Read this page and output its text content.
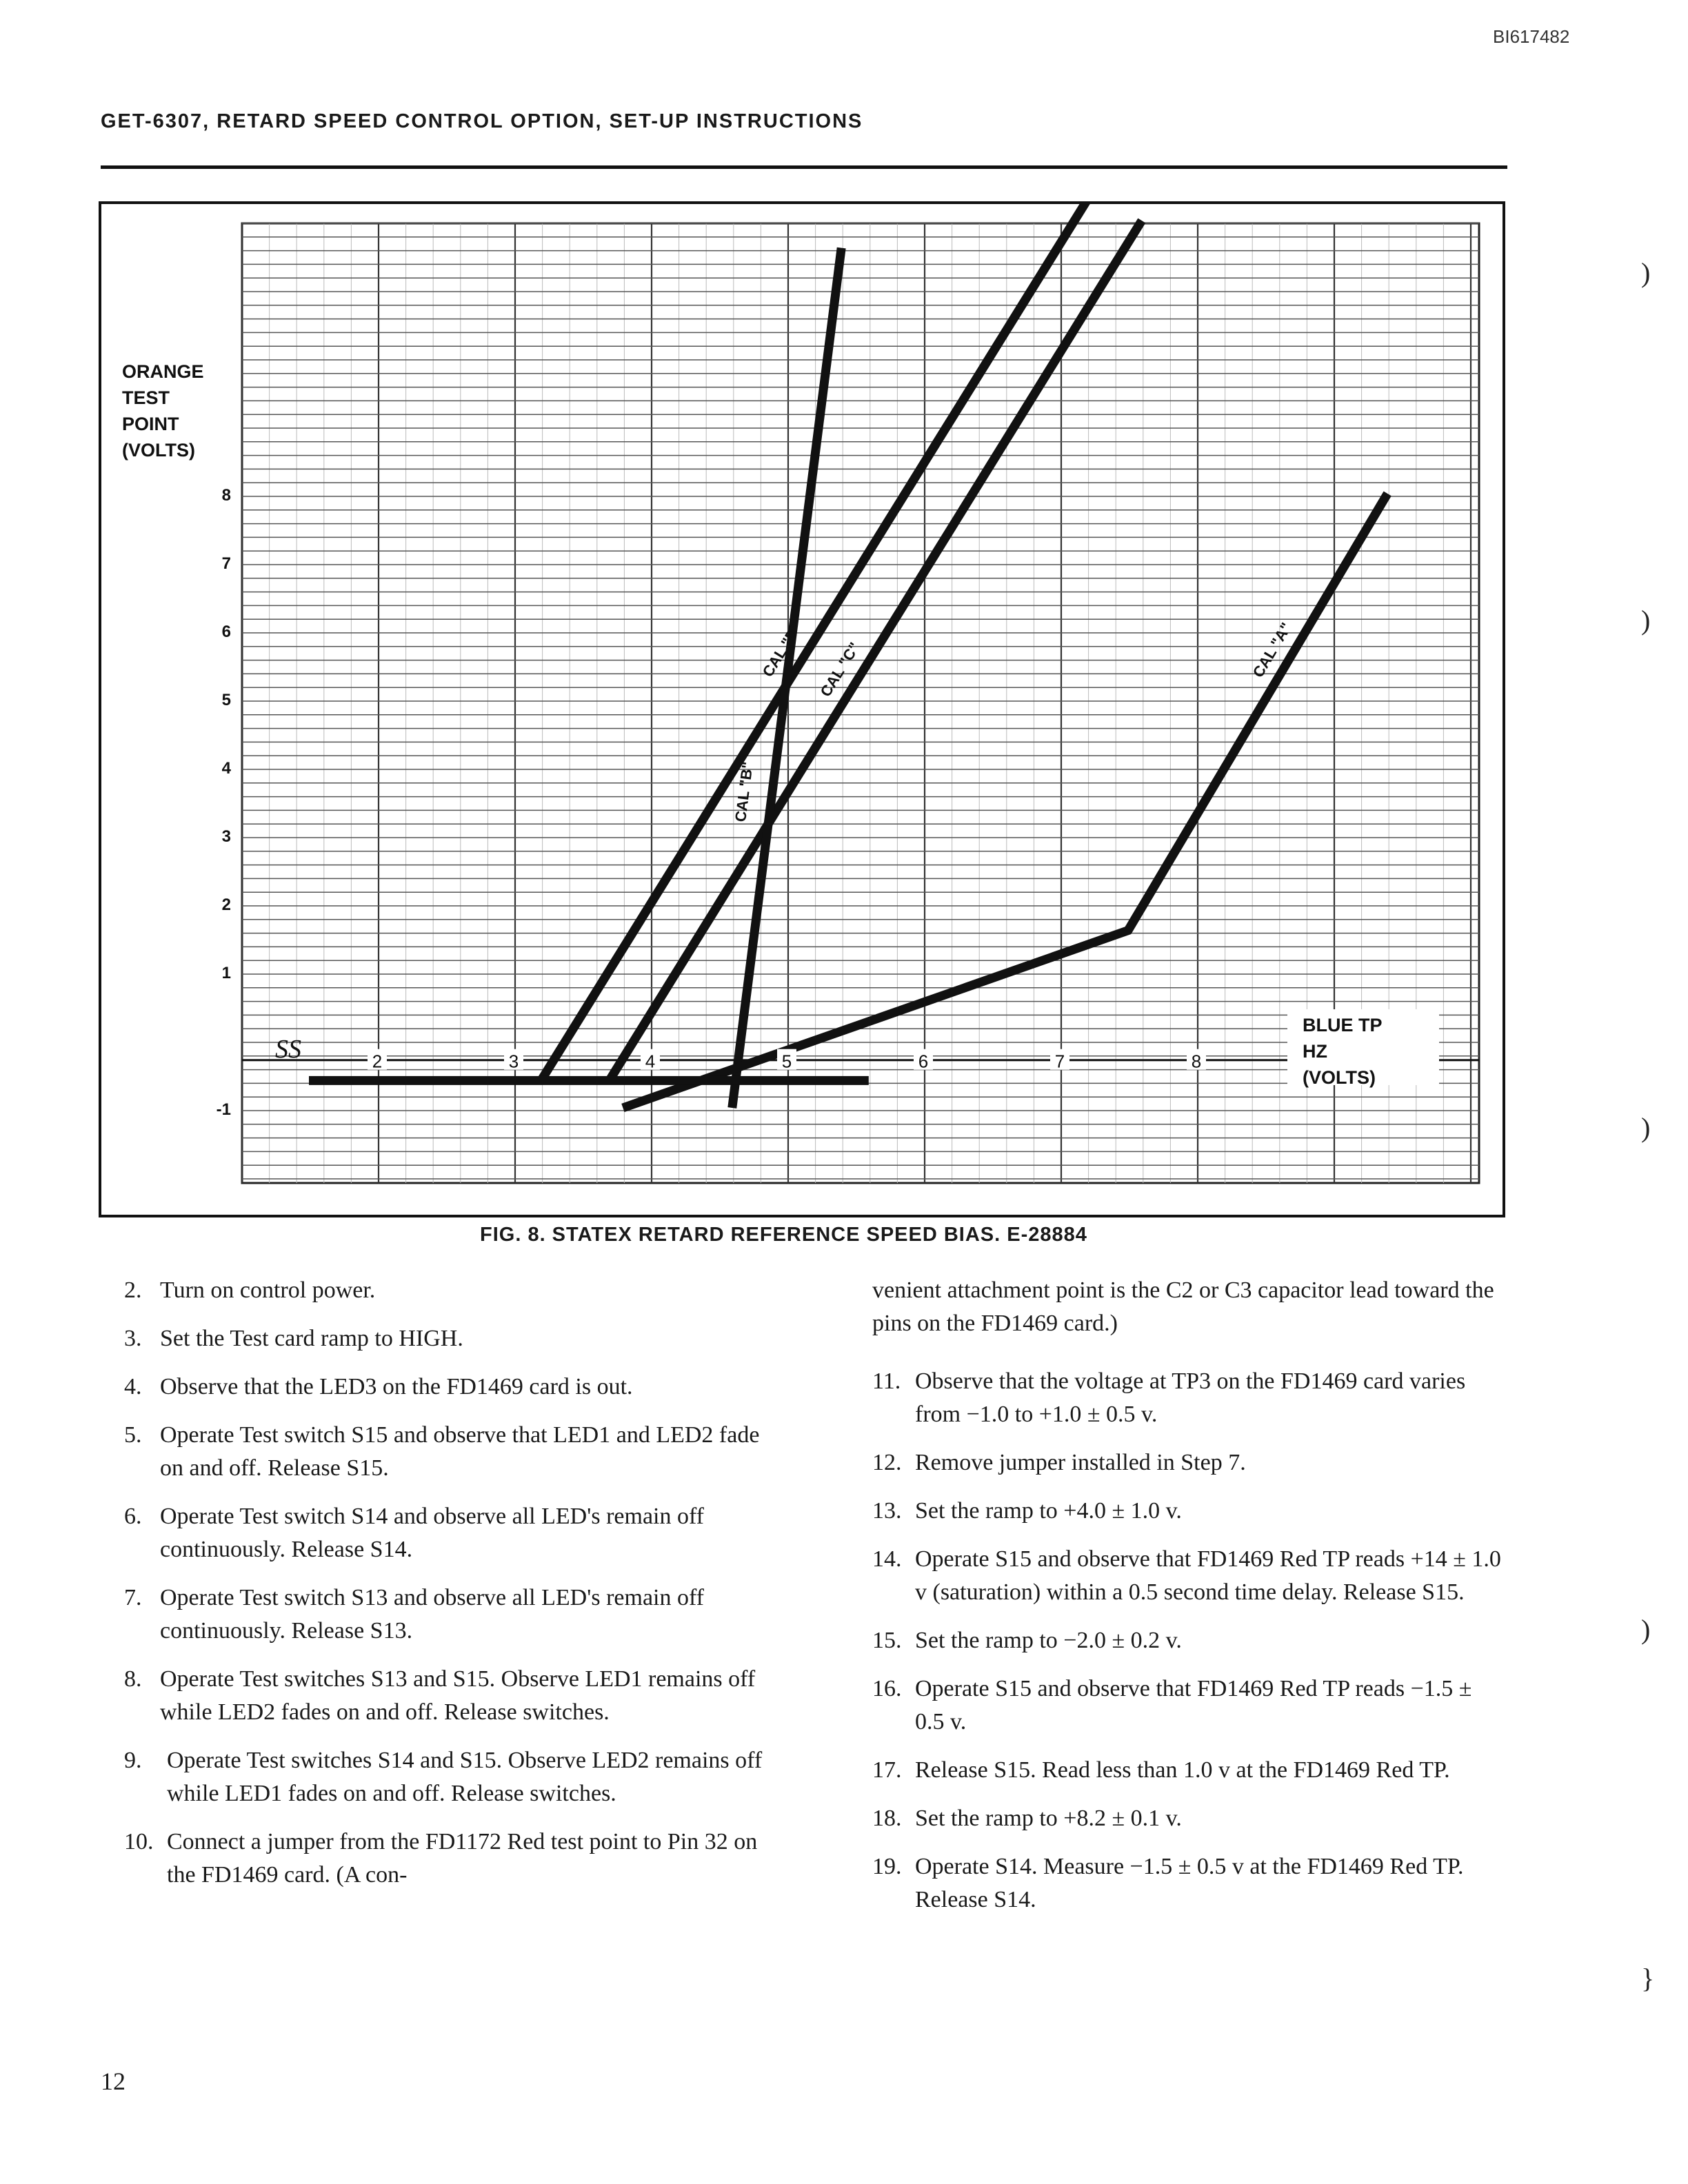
BI617482
GET-6307, RETARD SPEED CONTROL OPTION, SET-UP INSTRUCTIONS
8
7
6
5
4
3
2
1
-1
2	3	4	5	6	7	8
ORANGE
TEST
POINT
(VOLTS)
BLUE TP
HZ
(VOLTS)
SS
CAL "D" CAL "C"
CAL "B"
CAL "A"
FIG. 8. STATEX RETARD REFERENCE SPEED BIAS. E-28884
2. Turn on control power.
3. Set the Test card ramp to HIGH.
4. Observe that the LED3 on the FD1469 card is out.
5. Operate Test switch S15 and observe that LED1 and LED2 fade on and off. Release S15.
6. Operate Test switch S14 and observe all LED's remain off continuously. Release S14.
7. Operate Test switch S13 and observe all LED's remain off continuously. Release S13.
8. Operate Test switches S13 and S15. Observe LED1 remains off while LED2 fades on and off. Release switches.
9.	Operate Test switches S14 and S15. Observe LED2 remains off while LED1 fades on and off. Release switches.
10. Connect a jumper from the FD1172 Red test point to Pin 32 on the FD1469 card. (A con-
venient attachment point is the C2 or C3 capacitor lead toward the pins on the FD1469 card.)
11. Observe that the voltage at TP3 on the FD1469 card varies from −1.0 to +1.0 ± 0.5 v.
12. Remove jumper installed in Step 7.
13. Set the ramp to +4.0 ± 1.0 v.
14. Operate S15 and observe that FD1469 Red TP reads +14 ± 1.0 v (saturation) within a 0.5 second time delay. Release S15.
15. Set the ramp to −2.0 ± 0.2 v.
16. Operate S15 and observe that FD1469 Red TP reads −1.5 ± 0.5 v.
17. Release S15. Read less than 1.0 v at the FD1469 Red TP.
18. Set the ramp to +8.2 ± 0.1 v.
19. Operate S14. Measure −1.5 ± 0.5 v at the FD1469 Red TP. Release S14.
12
)
)
)
)
}
